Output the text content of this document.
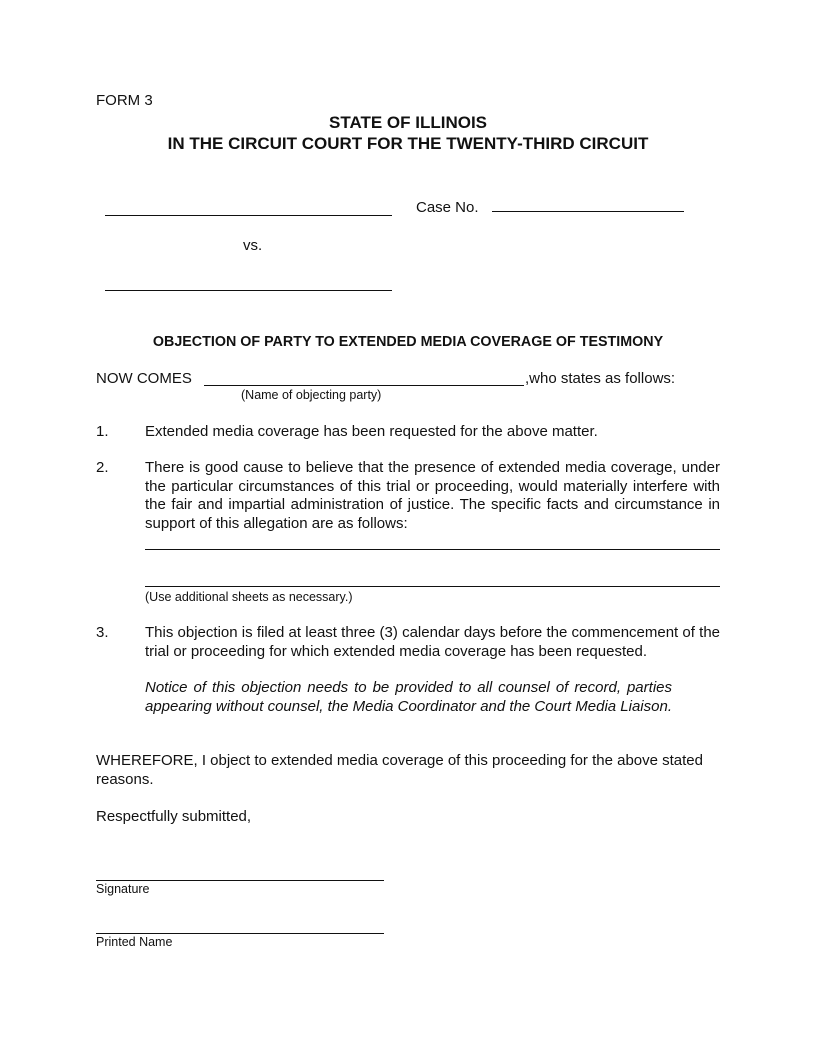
FORM 3
STATE OF ILLINOIS
IN THE CIRCUIT COURT FOR THE TWENTY-THIRD CIRCUIT
Case No.
vs.
OBJECTION OF PARTY TO EXTENDED MEDIA COVERAGE OF TESTIMONY
NOW COMES	,who states as follows:
(Name of objecting party)
1. Extended media coverage has been requested for the above matter.
2. There is good cause to believe that the presence of extended media coverage, under the particular circumstances of this trial or proceeding, would materially interfere with the fair and impartial administration of justice. The specific facts and circumstance in support of this allegation are as follows:
(Use additional sheets as necessary.)
3. This objection is filed at least three (3) calendar days before the commencement of the trial or proceeding for which extended media coverage has been requested.
Notice of this objection needs to be provided to all counsel of record, parties appearing without counsel, the Media Coordinator and the Court Media Liaison.
WHEREFORE, I object to extended media coverage of this proceeding for the above stated reasons.
Respectfully submitted,
Signature
Printed Name
